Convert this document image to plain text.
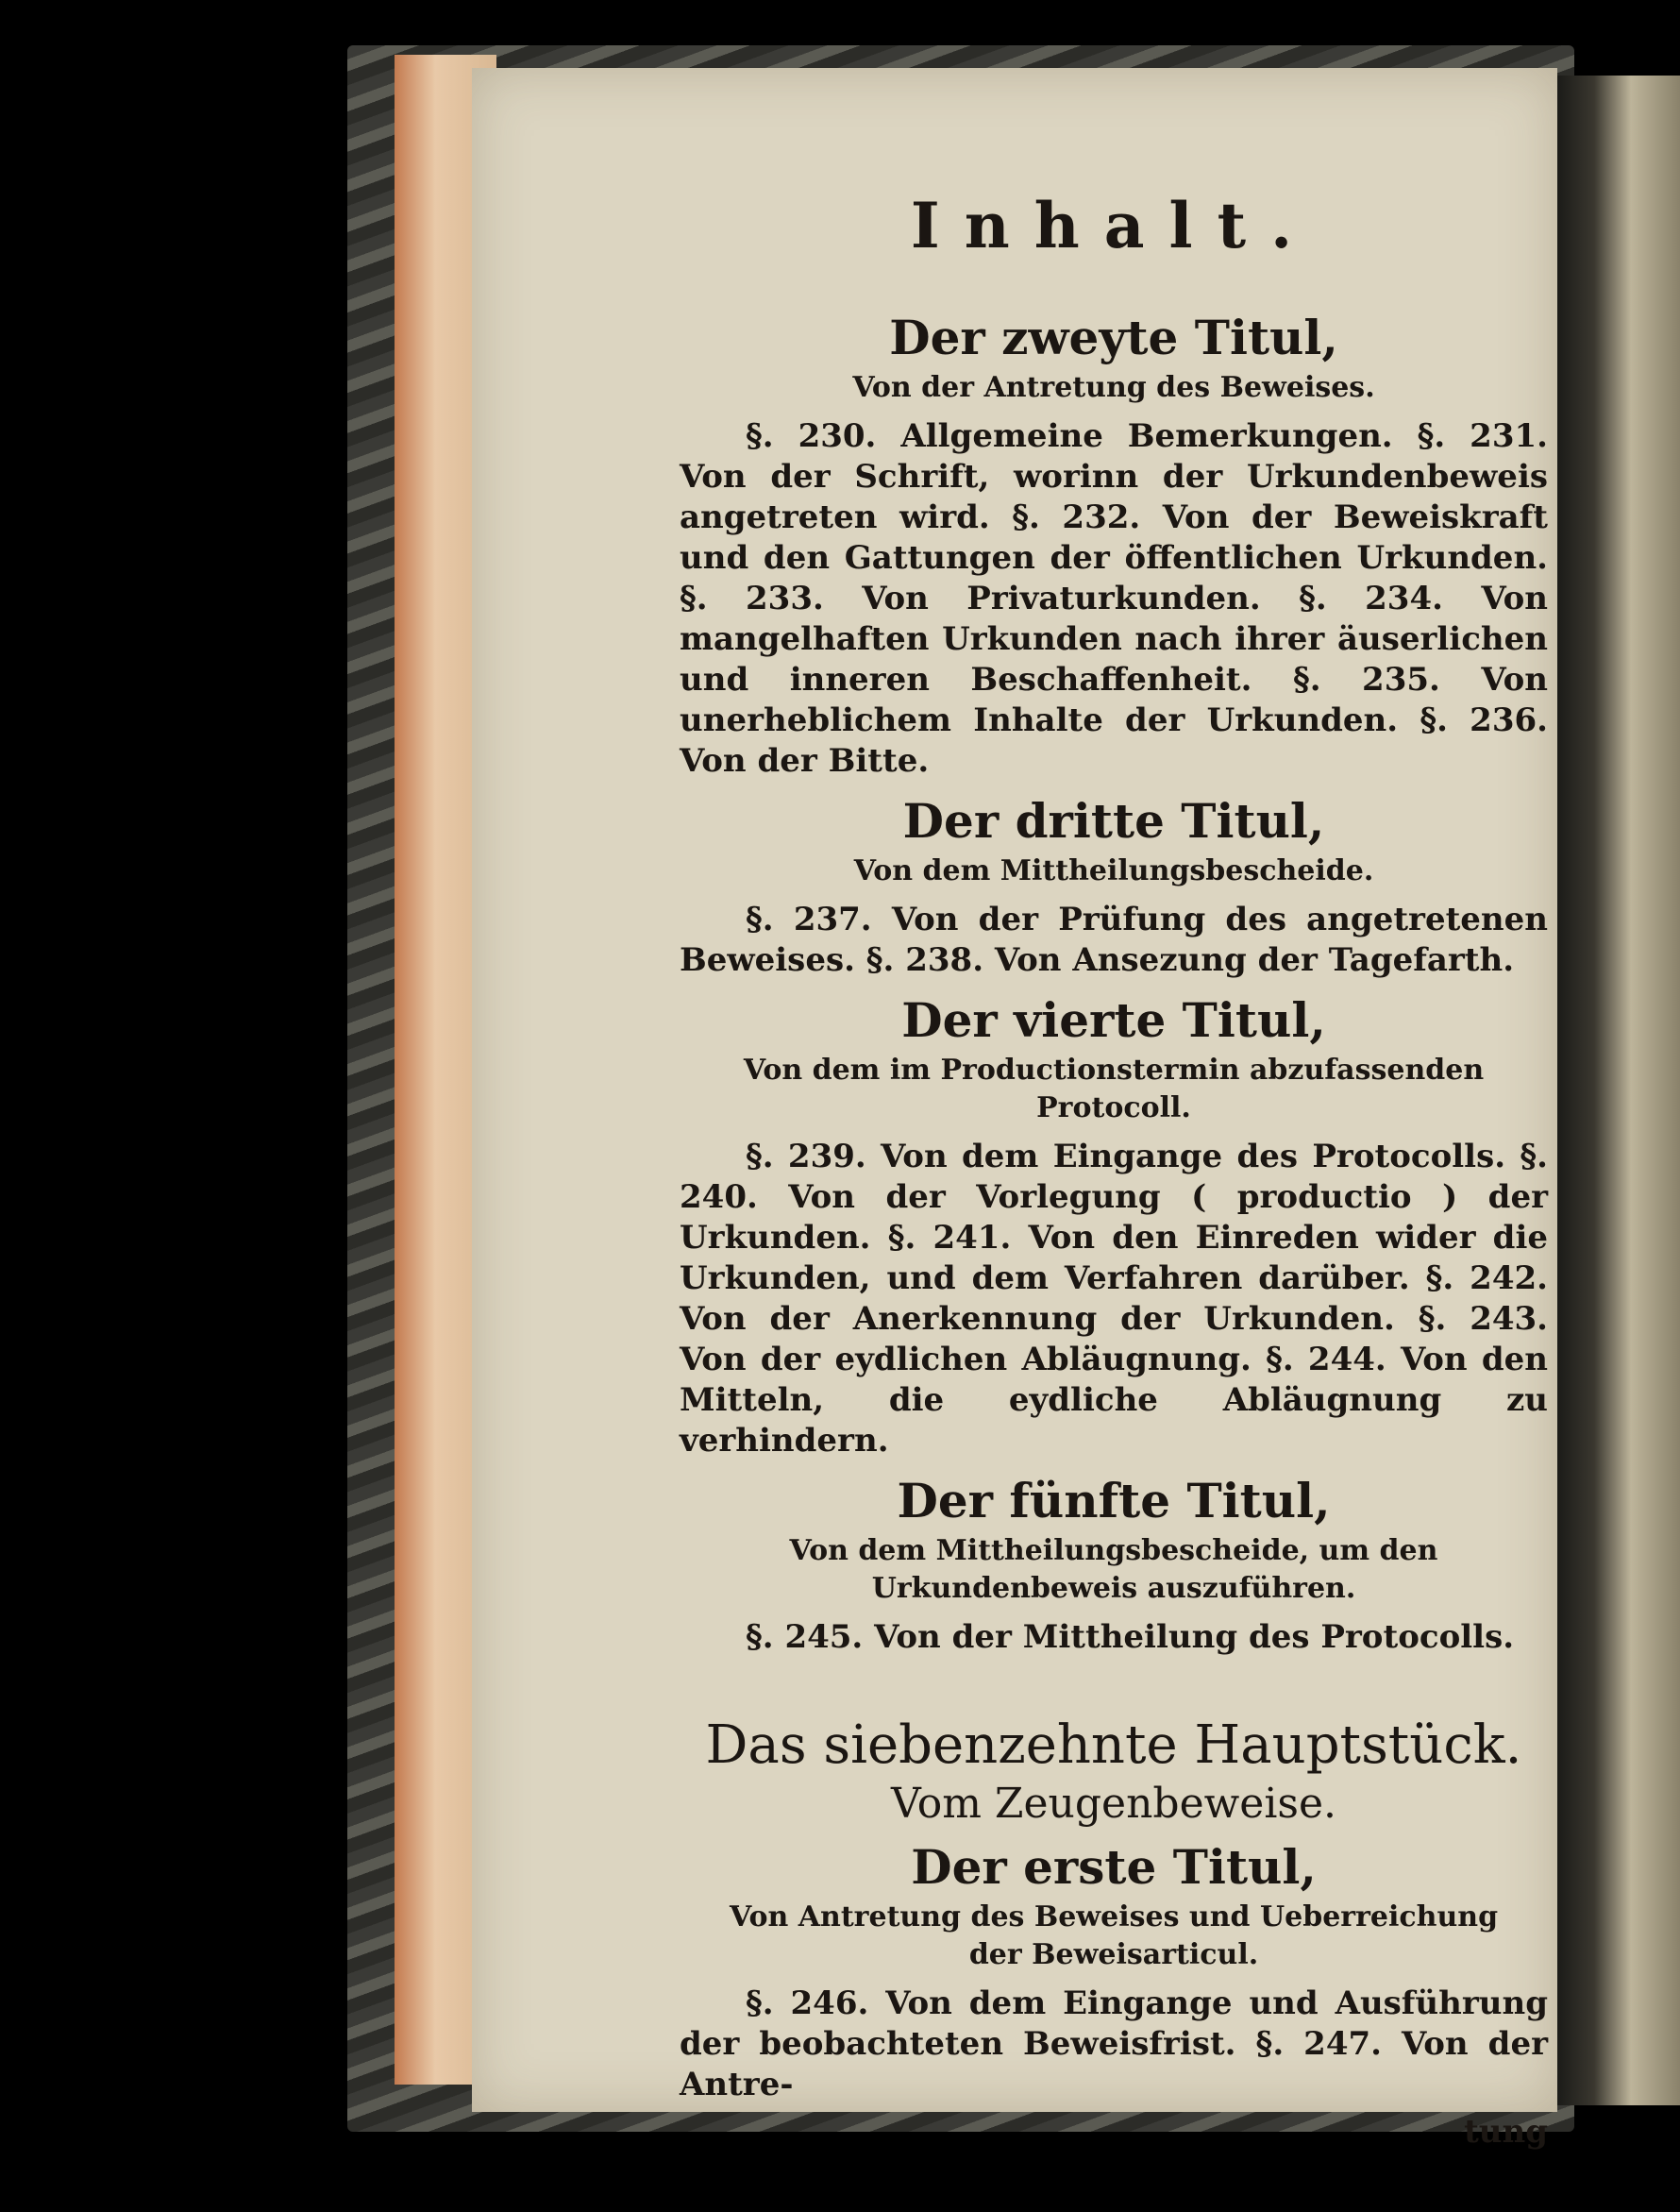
Inhalt.
Der zweyte Titul,
Von der Antretung des Beweises.

§. 230. Allgemeine Bemerkungen. §. 231. Von der Schrift, worinn der Urkundenbeweis angetreten wird. §. 232. Von der Beweiskraft und den Gattungen der öffentlichen Urkunden. §. 233. Von Privaturkunden. §. 234. Von mangelhaften Urkunden nach ihrer äuserlichen und inneren Beschaffenheit. §. 235. Von unerheblichem Inhalte der Urkunden. §. 236. Von der Bitte.

Der dritte Titul,
Von dem Mittheilungsbescheide.

§. 237. Von der Prüfung des angetretenen Beweises. §. 238. Von Ansezung der Tagefarth.

Der vierte Titul,
Von dem im Productionstermin abzufassenden Protocoll.

§. 239. Von dem Eingange des Protocolls. §. 240. Von der Vorlegung ( productio ) der Urkunden. §. 241. Von den Einreden wider die Urkunden, und dem Verfahren darüber. §. 242. Von der Anerkennung der Urkunden. §. 243. Von der eydlichen Abläugnung. §. 244. Von den Mitteln, die eydliche Abläugnung zu verhindern.

Der fünfte Titul,
Von dem Mittheilungsbescheide, um den Urkundenbeweis auszuführen.

§. 245. Von der Mittheilung des Protocolls.

Das siebenzehnte Hauptstück.
Vom Zeugenbeweise.
Der erste Titul,
Von Antretung des Beweises und Ueberreichung der Beweisarticul.

§. 246. Von dem Eingange und Ausführung der beobachteten Beweisfrist. §. 247. Von der Antre-

tung
